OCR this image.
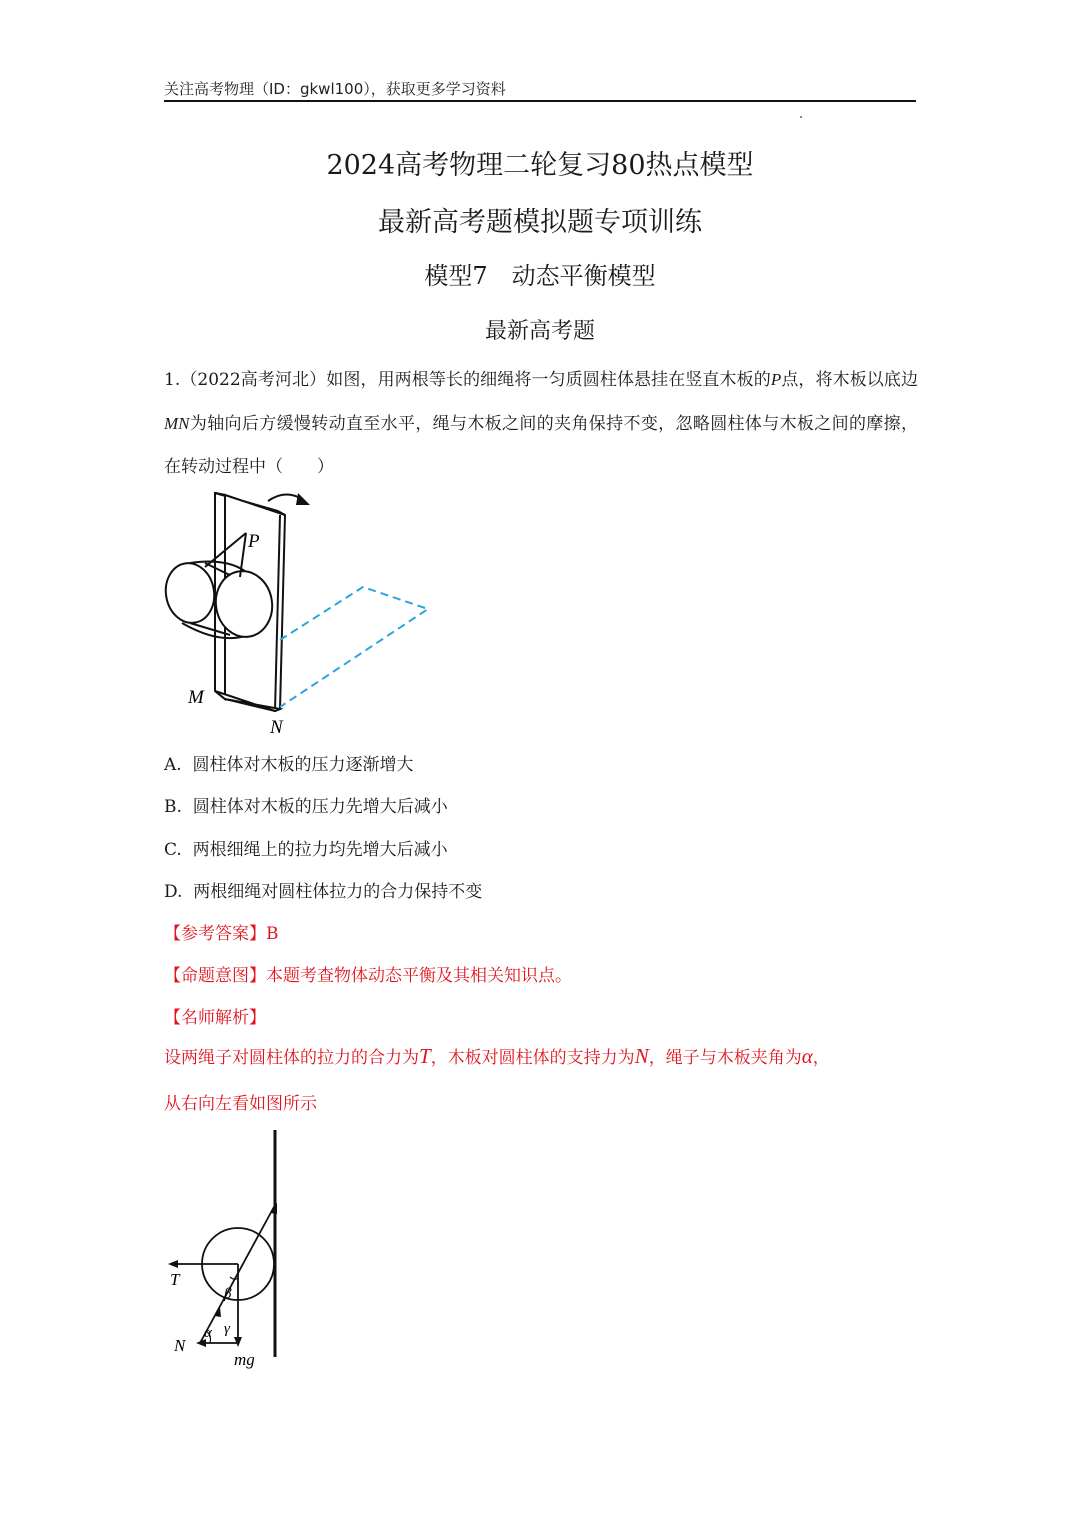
关注高考物理（ID：gkwl100），获取更多学习资料
2024高考物理二轮复习80热点模型
最新高考题模拟题专项训练
模型7　动态平衡模型
最新高考题
1.（2022高考河北）如图，用两根等长的细绳将一匀质圆柱体悬挂在竖直木板的P点，将木板以底边MN为轴向后方缓慢转动直至水平，绳与木板之间的夹角保持不变，忽略圆柱体与木板之间的摩擦，在转动过程中（　　）
P
M
N
A. 圆柱体对木板的压力逐渐增大
B. 圆柱体对木板的压力先增大后减小
C. 两根细绳上的拉力均先增大后减小
D. 两根细绳对圆柱体拉力的合力保持不变
【参考答案】B
【命题意图】本题考查物体动态平衡及其相关知识点。
【名师解析】
设两绳子对圆柱体的拉力的合力为T，木板对圆柱体的支持力为N，绳子与木板夹角为α，
从右向左看如图所示
β
α γ
T
N
mg
